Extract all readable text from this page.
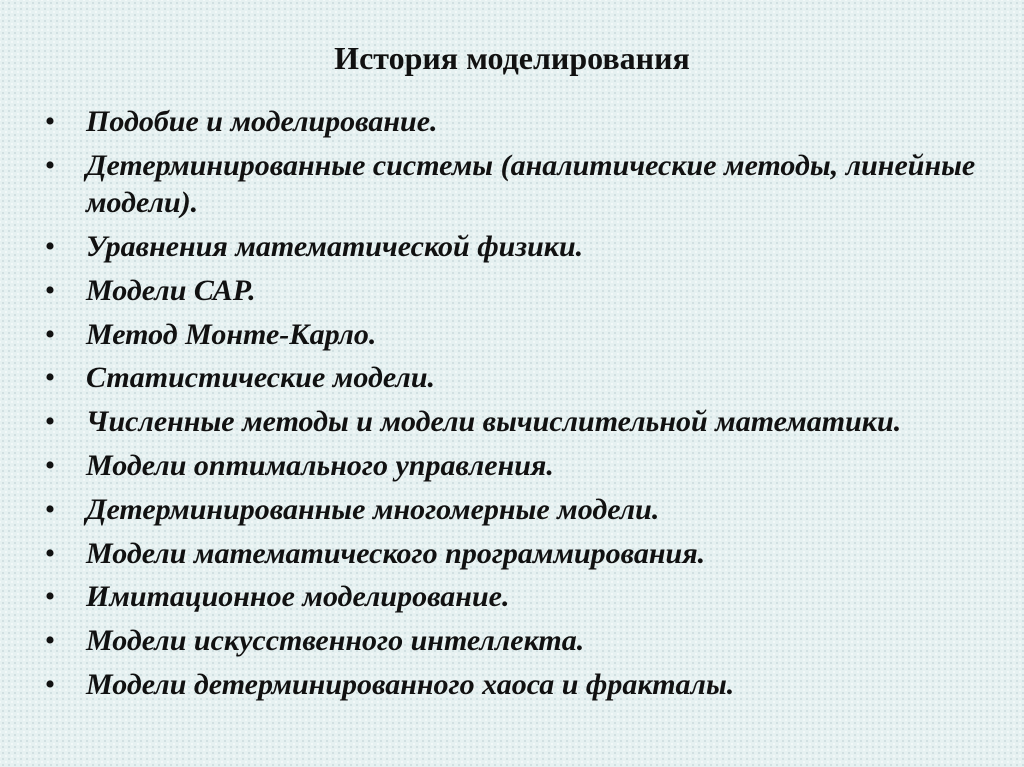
История моделирования
• Подобие и моделирование.
• Детерминированные системы (аналитические методы, линейные модели).
• Уравнения математической физики.
• Модели САР.
• Метод Монте-Карло.
• Статистические модели.
• Численные методы и модели вычислительной математики.
• Модели оптимального управления.
• Детерминированные многомерные модели.
• Модели математического программирования.
• Имитационное моделирование.
• Модели искусственного интеллекта.
• Модели детерминированного хаоса и фракталы.
